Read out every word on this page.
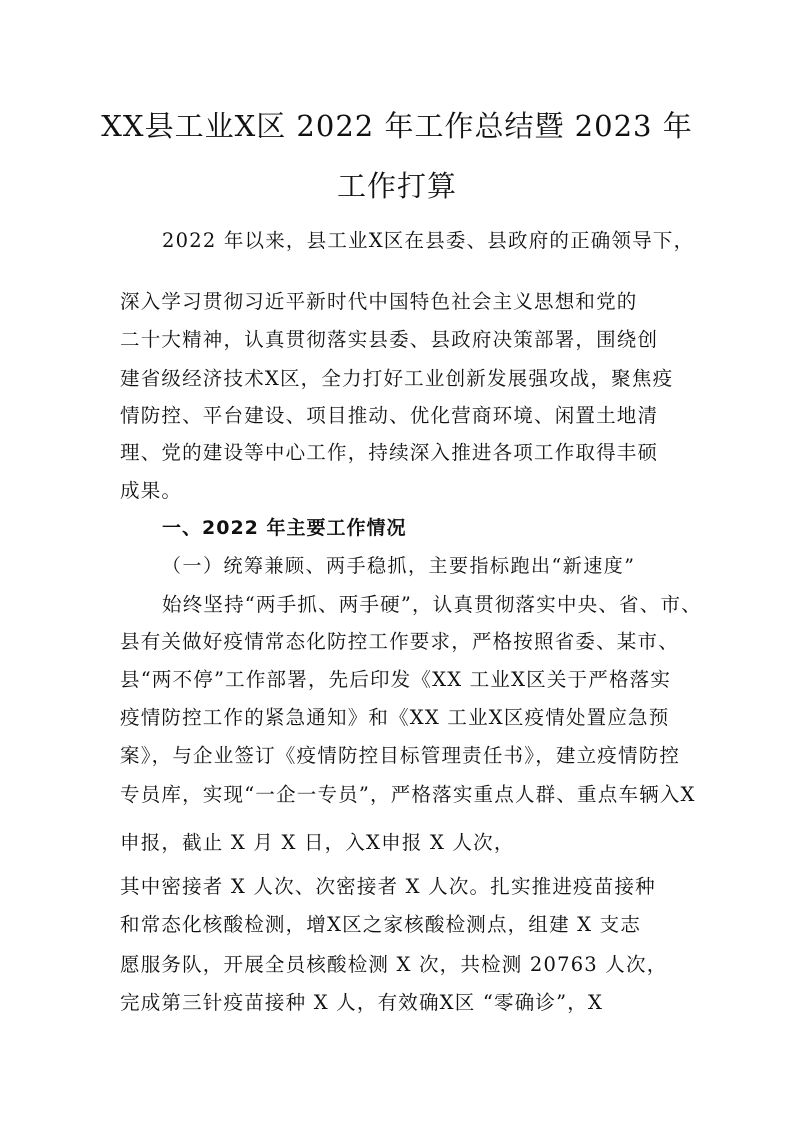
XX县工业X区 2022 年工作总结暨 2023 年
工作打算
2022 年以来，县工业X区在县委、县政府的正确领导下，
深入学习贯彻习近平新时代中国特色社会主义思想和党的
二十大精神，认真贯彻落实县委、县政府决策部署，围绕创
建省级经济技术X区，全力打好工业创新发展强攻战，聚焦疫
情防控、平台建设、项目推动、优化营商环境、闲置土地清
理、党的建设等中心工作，持续深入推进各项工作取得丰硕
成果。
一、2022 年主要工作情况
（一）统筹兼顾、两手稳抓，主要指标跑出“新速度”
始终坚持“两手抓、两手硬”，认真贯彻落实中央、省、市、
县有关做好疫情常态化防控工作要求，严格按照省委、某市、
县“两不停”工作部署，先后印发《XX 工业X区关于严格落实
疫情防控工作的紧急通知》和《XX 工业X区疫情处置应急预
案》，与企业签订《疫情防控目标管理责任书》，建立疫情防控
专员库，实现“一企一专员”，严格落实重点人群、重点车辆入X
申报，截止 X 月 X 日，入X申报 X 人次，
其中密接者 X 人次、次密接者 X 人次。扎实推进疫苗接种
和常态化核酸检测，增X区之家核酸检测点，组建 X 支志
愿服务队，开展全员核酸检测 X 次，共检测 20763 人次，
完成第三针疫苗接种 X 人，有效确X区 “零确诊”，X
